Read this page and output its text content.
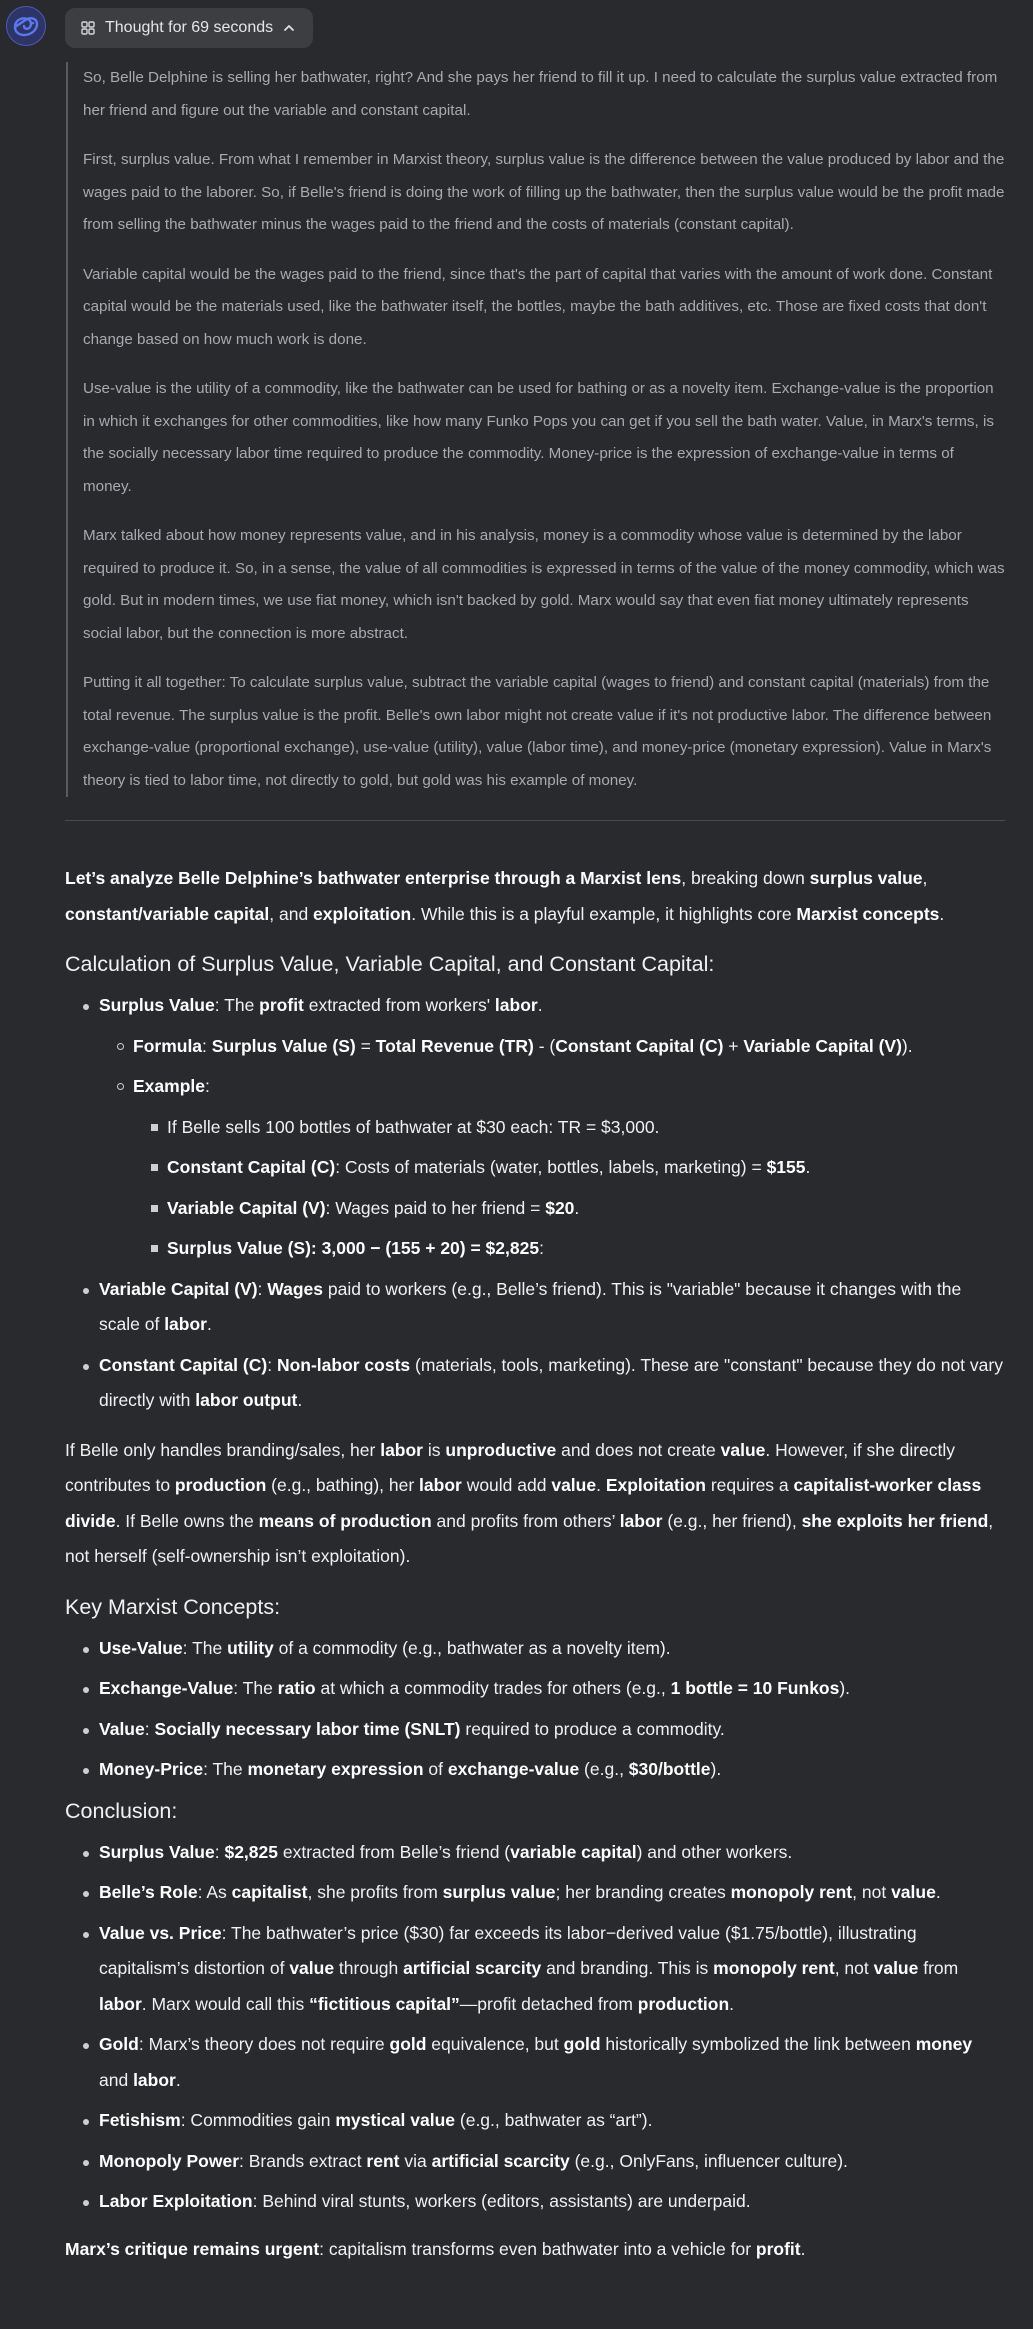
Thought for 69 seconds

So, Belle Delphine is selling her bathwater, right? And she pays her friend to fill it up. I need to calculate the surplus value extracted from her friend and figure out the variable and constant capital.

First, surplus value. From what I remember in Marxist theory, surplus value is the difference between the value produced by labor and the wages paid to the laborer. So, if Belle's friend is doing the work of filling up the bathwater, then the surplus value would be the profit made from selling the bathwater minus the wages paid to the friend and the costs of materials (constant capital).

Variable capital would be the wages paid to the friend, since that's the part of capital that varies with the amount of work done. Constant capital would be the materials used, like the bathwater itself, the bottles, maybe the bath additives, etc. Those are fixed costs that don't change based on how much work is done.

Use-value is the utility of a commodity, like the bathwater can be used for bathing or as a novelty item. Exchange-value is the proportion in which it exchanges for other commodities, like how many Funko Pops you can get if you sell the bath water. Value, in Marx's terms, is the socially necessary labor time required to produce the commodity. Money-price is the expression of exchange-value in terms of money.

Marx talked about how money represents value, and in his analysis, money is a commodity whose value is determined by the labor required to produce it. So, in a sense, the value of all commodities is expressed in terms of the value of the money commodity, which was gold. But in modern times, we use fiat money, which isn't backed by gold. Marx would say that even fiat money ultimately represents social labor, but the connection is more abstract.

Putting it all together: To calculate surplus value, subtract the variable capital (wages to friend) and constant capital (materials) from the total revenue. The surplus value is the profit. Belle's own labor might not create value if it's not productive labor. The difference between exchange-value (proportional exchange), use-value (utility), value (labor time), and money-price (monetary expression). Value in Marx's theory is tied to labor time, not directly to gold, but gold was his example of money.

Let’s analyze Belle Delphine’s bathwater enterprise through a Marxist lens, breaking down surplus value, constant/variable capital, and exploitation. While this is a playful example, it highlights core Marxist concepts.

Calculation of Surplus Value, Variable Capital, and Constant Capital:
Surplus Value: The profit extracted from workers' labor.
Formula: Surplus Value (S) = Total Revenue (TR) - (Constant Capital (C) + Variable Capital (V)).
Example:
If Belle sells 100 bottles of bathwater at $30 each: TR = $3,000.
Constant Capital (C): Costs of materials (water, bottles, labels, marketing) = $155.
Variable Capital (V): Wages paid to her friend = $20.
Surplus Value (S): 3,000 − (155 + 20) = $2,825:
Variable Capital (V): Wages paid to workers (e.g., Belle’s friend). This is "variable" because it changes with the scale of labor.
Constant Capital (C): Non-labor costs (materials, tools, marketing). These are "constant" because they do not vary directly with labor output.

If Belle only handles branding/sales, her labor is unproductive and does not create value. However, if she directly contributes to production (e.g., bathing), her labor would add value. Exploitation requires a capitalist-worker class divide. If Belle owns the means of production and profits from others’ labor (e.g., her friend), she exploits her friend, not herself (self-ownership isn’t exploitation).

Key Marxist Concepts:
Use-Value: The utility of a commodity (e.g., bathwater as a novelty item).
Exchange-Value: The ratio at which a commodity trades for others (e.g., 1 bottle = 10 Funkos).
Value: Socially necessary labor time (SNLT) required to produce a commodity.
Money-Price: The monetary expression of exchange-value (e.g., $30/bottle).
Conclusion:
Surplus Value: $2,825 extracted from Belle’s friend (variable capital) and other workers.
Belle’s Role: As capitalist, she profits from surplus value; her branding creates monopoly rent, not value.
Value vs. Price: The bathwater’s price ($30) far exceeds its labor−derived value ($1.75/bottle), illustrating capitalism’s distortion of value through artificial scarcity and branding. This is monopoly rent, not value from labor. Marx would call this “fictitious capital”—profit detached from production.
Gold: Marx’s theory does not require gold equivalence, but gold historically symbolized the link between money and labor.
Fetishism: Commodities gain mystical value (e.g., bathwater as “art”).
Monopoly Power: Brands extract rent via artificial scarcity (e.g., OnlyFans, influencer culture).
Labor Exploitation: Behind viral stunts, workers (editors, assistants) are underpaid.

Marx’s critique remains urgent: capitalism transforms even bathwater into a vehicle for profit.
